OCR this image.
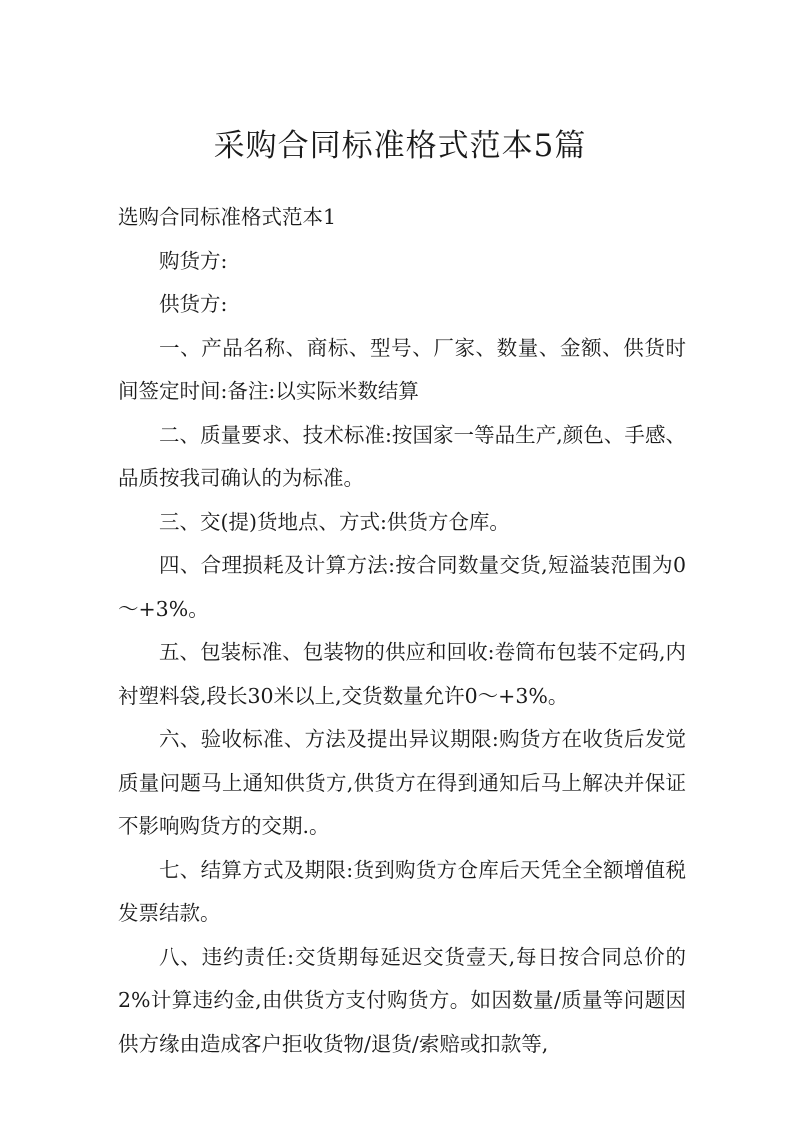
采购合同标准格式范本5篇

选购合同标准格式范本1

购货方:

供货方:

一、产品名称、商标、型号、厂家、数量、金额、供货时间签定时间:备注:以实际米数结算

二、质量要求、技术标准:按国家一等品生产,颜色、手感、品质按我司确认的为标准。

三、交(提)货地点、方式:供货方仓库。

四、合理损耗及计算方法:按合同数量交货,短溢装范围为0～+3%。

五、包装标准、包装物的供应和回收:卷筒布包装不定码,内衬塑料袋,段长30米以上,交货数量允许0～+3%。

六、验收标准、方法及提出异议期限:购货方在收货后发觉质量问题马上通知供货方,供货方在得到通知后马上解决并保证不影响购货方的交期.。

七、结算方式及期限:货到购货方仓库后天凭全全额增值税发票结款。

八、违约责任:交货期每延迟交货壹天,每日按合同总价的2%计算违约金,由供货方支付购货方。如因数量/质量等问题因供方缘由造成客户拒收货物/退货/索赔或扣款等,
